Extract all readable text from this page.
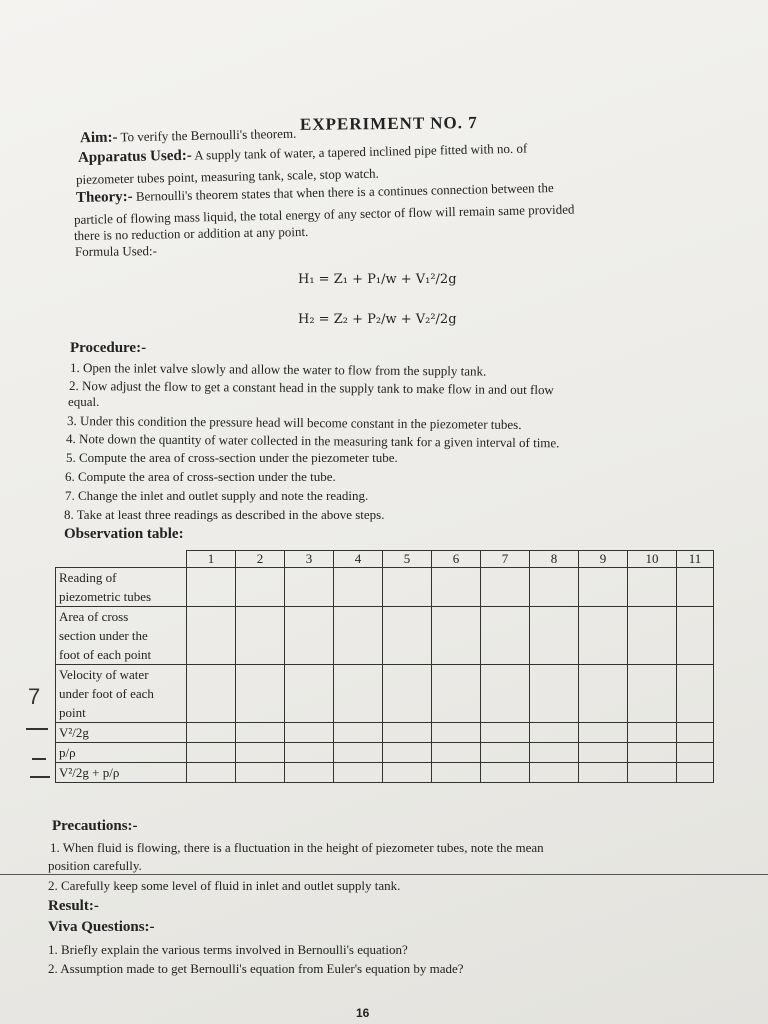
EXPERIMENT NO. 7
Aim:- To verify the Bernoulli's theorem.
Apparatus Used:- A supply tank of water, a tapered inclined pipe fitted with no. of
piezometer tubes point, measuring tank, scale, stop watch.
Theory:- Bernoulli's theorem states that when there is a continues connection between the
particle of flowing mass liquid, the total energy of any sector of flow will remain same provided
there is no reduction or addition at any point.
Formula Used:-
H₁ = Z₁ + P₁/w + V₁²/2g
H₂ = Z₂ + P₂/w + V₂²/2g
Procedure:-
1. Open the inlet valve slowly and allow the water to flow from the supply tank.
2. Now adjust the flow to get a constant head in the supply tank to make flow in and out flow
equal.
3. Under this condition the pressure head will become constant in the piezometer tubes.
4. Note down the quantity of water collected in the measuring tank for a given interval of time.
5. Compute the area of cross-section under the piezometer tube.
6. Compute the area of cross-section under the tube.
7. Change the inlet and outlet supply and note the reading.
8. Take at least three readings as described in the above steps.
Observation table:
	1	2	3	4	5	6	7	8	9	10	11

Reading of
piezometric tubes											

Area of cross
section under the
foot of each point											

Velocity of water
under foot of each
point											

V²/2g											

p/ρ											

V²/2g + p/ρ											

7
Precautions:-
1. When fluid is flowing, there is a fluctuation in the height of piezometer tubes, note the mean
position carefully.
2. Carefully keep some level of fluid in inlet and outlet supply tank.
Result:-
Viva Questions:-
1. Briefly explain the various terms involved in Bernoulli's equation?
2. Assumption made to get Bernoulli's equation from Euler's equation by made?
16
